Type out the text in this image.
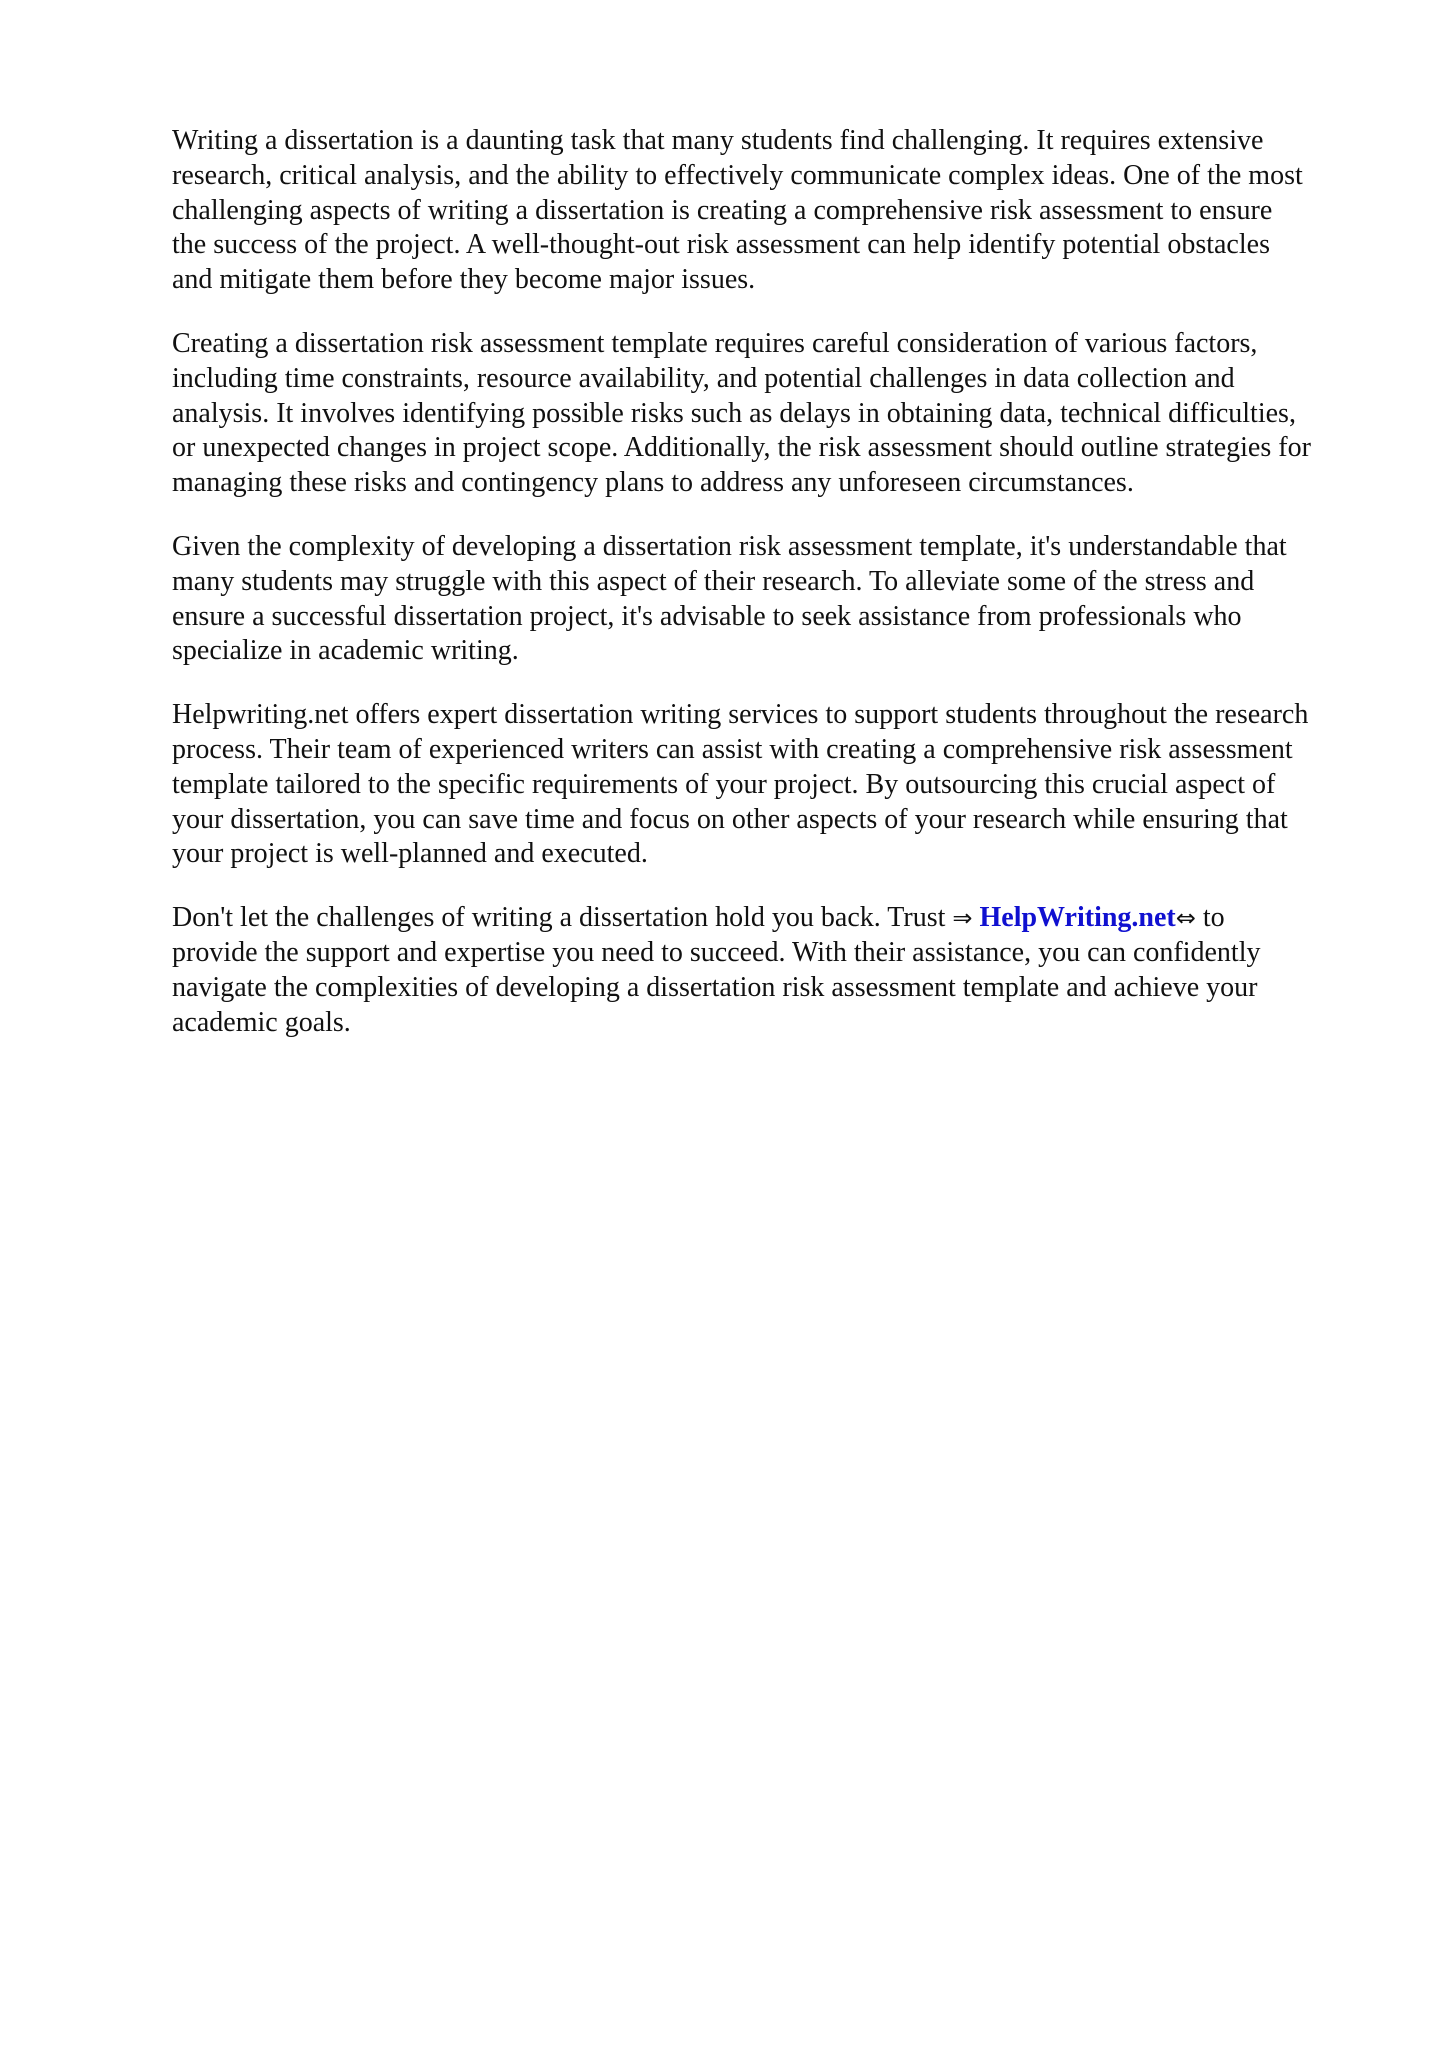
Writing a dissertation is a daunting task that many students find challenging. It requires extensive
research, critical analysis, and the ability to effectively communicate complex ideas. One of the most
challenging aspects of writing a dissertation is creating a comprehensive risk assessment to ensure
the success of the project. A well-thought-out risk assessment can help identify potential obstacles
and mitigate them before they become major issues.

Creating a dissertation risk assessment template requires careful consideration of various factors,
including time constraints, resource availability, and potential challenges in data collection and
analysis. It involves identifying possible risks such as delays in obtaining data, technical difficulties,
or unexpected changes in project scope. Additionally, the risk assessment should outline strategies for
managing these risks and contingency plans to address any unforeseen circumstances.

Given the complexity of developing a dissertation risk assessment template, it's understandable that
many students may struggle with this aspect of their research. To alleviate some of the stress and
ensure a successful dissertation project, it's advisable to seek assistance from professionals who
specialize in academic writing.

Helpwriting.net offers expert dissertation writing services to support students throughout the research
process. Their team of experienced writers can assist with creating a comprehensive risk assessment
template tailored to the specific requirements of your project. By outsourcing this crucial aspect of
your dissertation, you can save time and focus on other aspects of your research while ensuring that
your project is well-planned and executed.

Don't let the challenges of writing a dissertation hold you back. Trust ⇒ HelpWriting.net⇔ to
provide the support and expertise you need to succeed. With their assistance, you can confidently
navigate the complexities of developing a dissertation risk assessment template and achieve your
academic goals.
